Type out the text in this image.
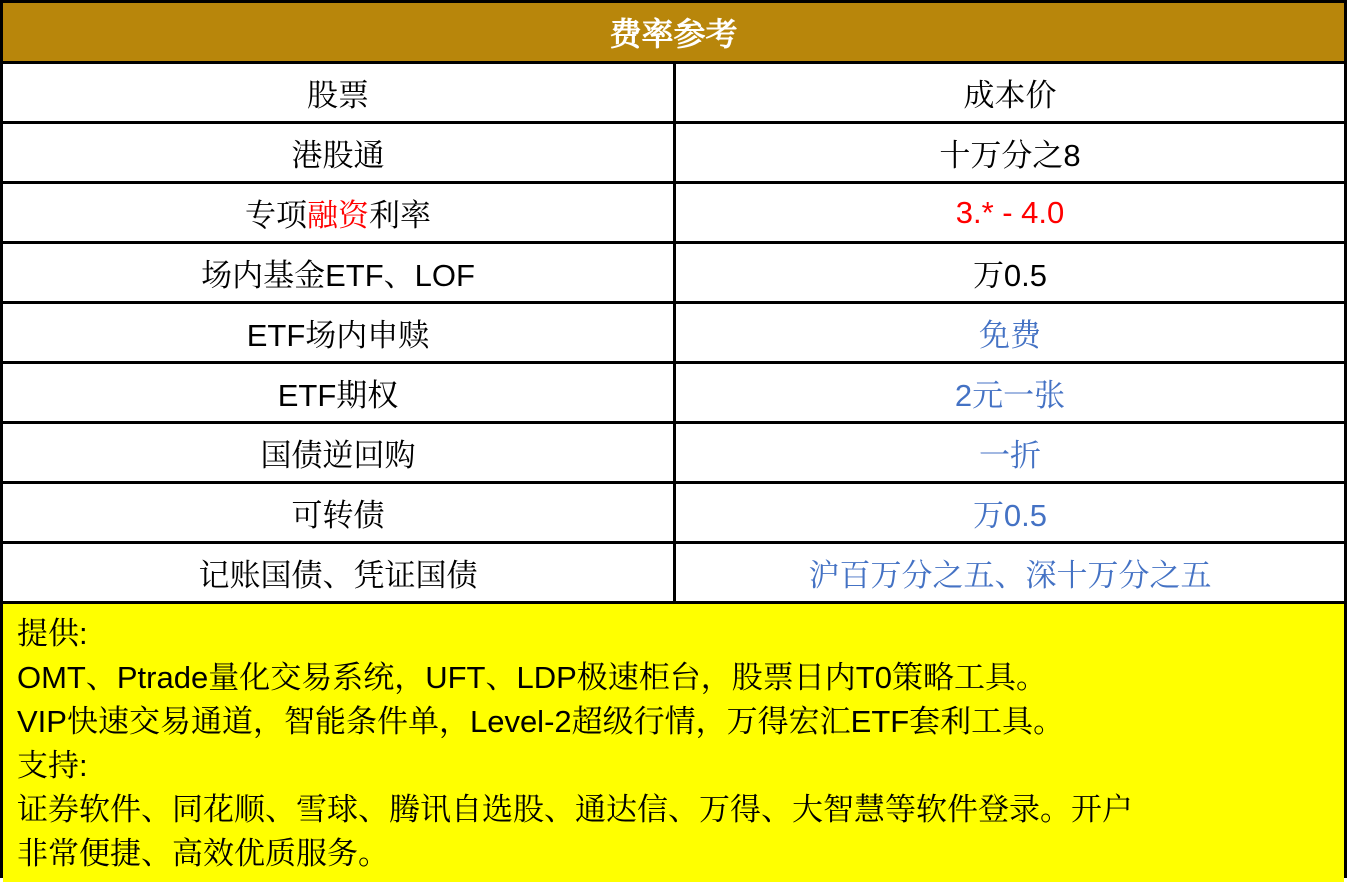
费率参考
股票	成本价
港股通	十万分之8
专项 融资 利率	3.* - 4.0
场内基金ETF、LOF	万0.5
ETF场内申赎	免费
ETF期权	2元一张
国债逆回购	一折
可转债	万0.5
记账国债、凭证国债	沪百万分之五、深十万分之五
提供:
OMT、Ptrade量化交易系统，UFT、LDP极速柜台，股票日内T0策略工具。
VIP快速交易通道，智能条件单，Level-2超级行情，万得宏汇ETF套利工具。
支持:
证券软件、同花顺、雪球、腾讯自选股、通达信、万得、大智慧等软件登录。开户
非常便捷、高效优质服务。
